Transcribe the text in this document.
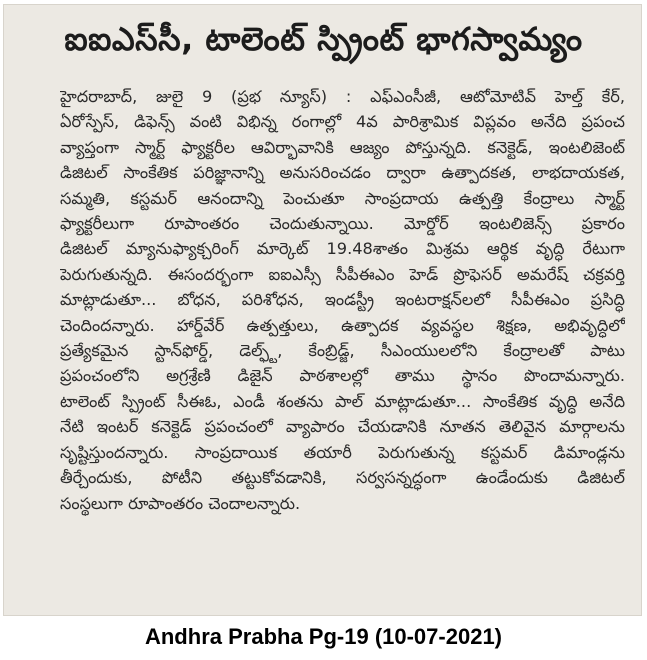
ఐఐఎస్‌సీ, టాలెంట్ స్ప్రింట్ భాగస్వామ్యం
హైదరాబాద్, జులై 9 (ప్రభ న్యూస్) : ఎఫ్‌ఎంసీజీ, ఆటోమోటివ్ హెల్త్ కేర్,
ఏరోస్పేస్, డిఫెన్స్ వంటి విభిన్న రంగాల్లో 4వ పారిశ్రామిక విప్లవం అనేది ప్రపంచ
వ్యాప్తంగా స్మార్ట్ ఫ్యాక్టరీల ఆవిర్భావానికి ఆజ్యం పోస్తున్నది. కనెక్టెడ్, ఇంటలిజెంట్
డిజిటల్ సాంకేతిక పరిజ్ఞానాన్ని అనుసరించడం ద్వారా ఉత్పాదకత, లాభదాయకత,
సమ్మతి, కస్టమర్ ఆనందాన్ని పెంచుతూ సాంప్రదాయ ఉత్పత్తి కేంద్రాలు స్మార్ట్
ఫ్యాక్టరీలుగా రూపాంతరం చెందుతున్నాయి. మోర్డోర్ ఇంటలిజెన్స్ ప్రకారం
డిజిటల్ మ్యానుఫ్యాక్చరింగ్ మార్కెట్ 19.48శాతం మిశ్రమ ఆర్థిక వృద్ధి రేటుగా
పెరుగుతున్నది. ఈసందర్భంగా ఐఐఎస్సీ సీపీఈఎం హెడ్ ప్రొఫెసర్ అమరేష్ చక్రవర్తి
మాట్లాడుతూ... బోధన, పరిశోధన, ఇండస్ట్రీ ఇంటరాక్షన్‌లలో సీపీఈఎం ప్రసిద్ధి
చెందిందన్నారు. హార్డ్‌వేర్ ఉత్పత్తులు, ఉత్పాదక వ్యవస్థల శిక్షణ, అభివృద్ధిలో
ప్రత్యేకమైన స్టాన్‌ఫోర్డ్, డెల్ఫ్ట్, కేంబ్రిడ్జ్, సీఎంయులలోని కేంద్రాలతో పాటు
ప్రపంచంలోని అగ్రశ్రేణి డిజైన్ పాఠశాలల్లో తాము స్థానం పొందామన్నారు.
టాలెంట్ స్ప్రింట్ సీఈఓ, ఎండీ శంతను పాల్ మాట్లాడుతూ... సాంకేతిక వృద్ధి అనేది
నేటి ఇంటర్ కనెక్టెడ్ ప్రపంచంలో వ్యాపారం చేయడానికి నూతన తెలివైన మార్గాలను
సృష్టిస్తుందన్నారు. సాంప్రదాయిక తయారీ పెరుగుతున్న కస్టమర్ డిమాండ్లను
తీర్చేందుకు, పోటీని తట్టుకోవడానికి, సర్వసన్నద్ధంగా ఉండేందుకు డిజిటల్
సంస్థలుగా రూపాంతరం చెందాలన్నారు.
Andhra Prabha Pg-19 (10-07-2021)
